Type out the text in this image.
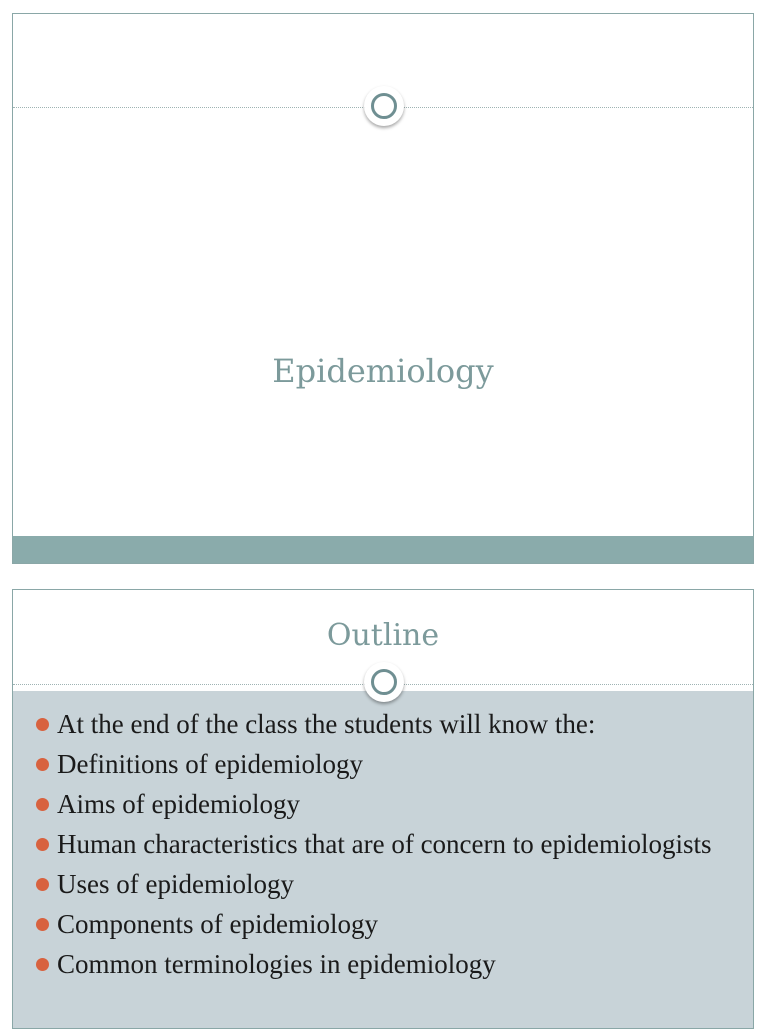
Epidemiology
Outline
At the end of the class the students will know the:
Definitions of epidemiology
Aims of epidemiology
Human characteristics that are of concern to epidemiologists
Uses of epidemiology
Components of epidemiology
Common terminologies in epidemiology
